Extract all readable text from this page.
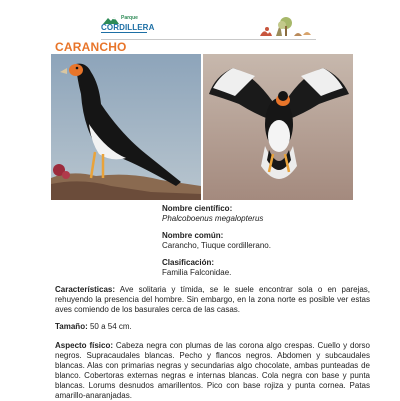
Parque
CORDILLERA
CARANCHO
Nombre científico:
Phalcoboenus megalopterus
Nombre común:
Carancho, Tiuque cordillerano.
Clasificación:
Familia Falconidae.
Características: Ave solitaria y tímida, se le suele encontrar sola o en parejas, rehuyendo la presencia del hombre. Sin embargo, en la zona norte es posible ver estas aves comiendo de los basurales cerca de las casas.
Tamaño: 50 a 54 cm.
Aspecto físico: Cabeza negra con plumas de las corona algo crespas. Cuello y dorso negros. Supracaudales blancas. Pecho y flancos negros. Abdomen y subcaudales blancas. Alas con primarias negras y secundarias algo chocolate, ambas punteadas de blanco. Cobertoras externas negras e internas blancas. Cola negra con base y punta blancas. Lorums desnudos amarillentos. Pico con base rojiza y punta cornea. Patas amarillo-anaranjadas.
